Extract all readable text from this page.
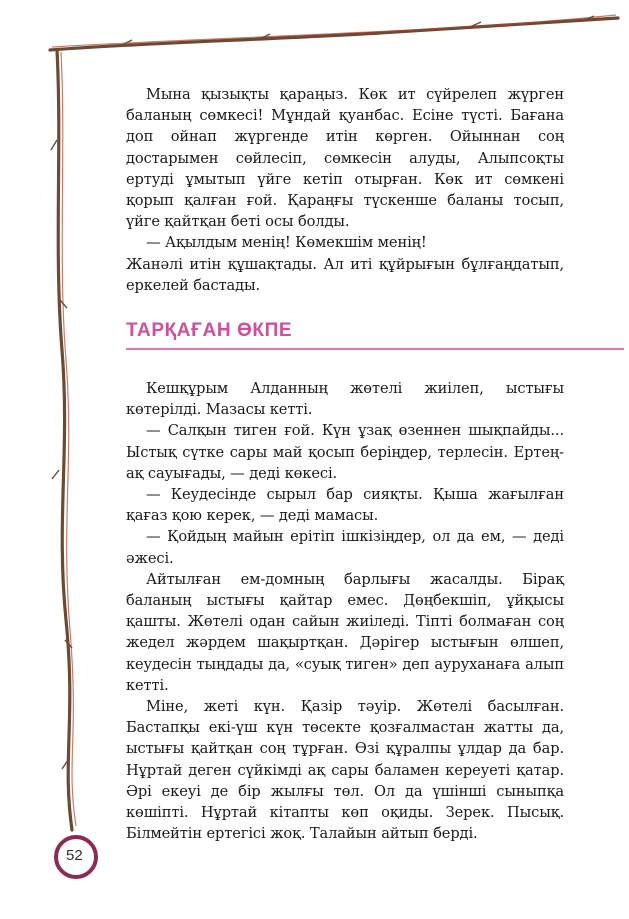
Мына қызықты қараңыз. Көк ит сүйрелеп жүрген баланың сөмкесі! Мұндай қуанбас. Есіне түсті. Бағана доп ойнап жүргенде итін көрген. Ойыннан соң достарымен сөйлесіп, сөмкесін алуды, Алыпсоқты ертуді ұмытып үйге кетіп отырған. Көк ит сөмкені қорып қалған ғой. Қараңғы түскенше баланы тосып, үйге қайтқан беті осы болды.

— Ақылдым менің! Көмекшім менің!

Жанәлі итін құшақтады. Ал иті құйрығын бұлғаңдатып, еркелей бастады.

ТАРҚАҒАН ӨКПЕ

Кешқұрым Алданның жөтелі жиілеп, ыстығы көтерілді. Мазасы кетті.

— Салқын тиген ғой. Күн ұзақ өзеннен шықпайды... Ыстық сүтке сары май қосып беріңдер, терлесін. Ертең-ақ сауығады, — деді көкесі.

— Кеудесінде сырыл бар сияқты. Қыша жағылған қағаз қою керек, — деді мамасы.

— Қойдың майын ерітіп ішкізіңдер, ол да ем, — деді әжесі.

Айтылған ем-домның барлығы жасалды. Бірақ баланың ыстығы қайтар емес. Дөңбекшіп, ұйқысы қашты. Жөтелі одан сайын жиіледі. Тіпті болмаған соң жедел жәрдем шақыртқан. Дәрігер ыстығын өлшеп, кеудесін тыңдады да, «суық тиген» деп ауруханаға алып кетті.

Міне, жеті күн. Қазір тәуір. Жөтелі басылған. Бастапқы екі-үш күн төсекте қозғалмастан жатты да, ыстығы қайтқан соң тұрған. Өзі құралпы ұлдар да бар. Нұртай деген сүйкімді ақ сары баламен кереуеті қатар. Әрі екеуі де бір жылғы төл. Ол да үшінші сыныпқа көшіпті. Нұртай кітапты көп оқиды. Зерек. Пысық. Білмейтін ертегісі жоқ. Талайын айтып берді.

52
